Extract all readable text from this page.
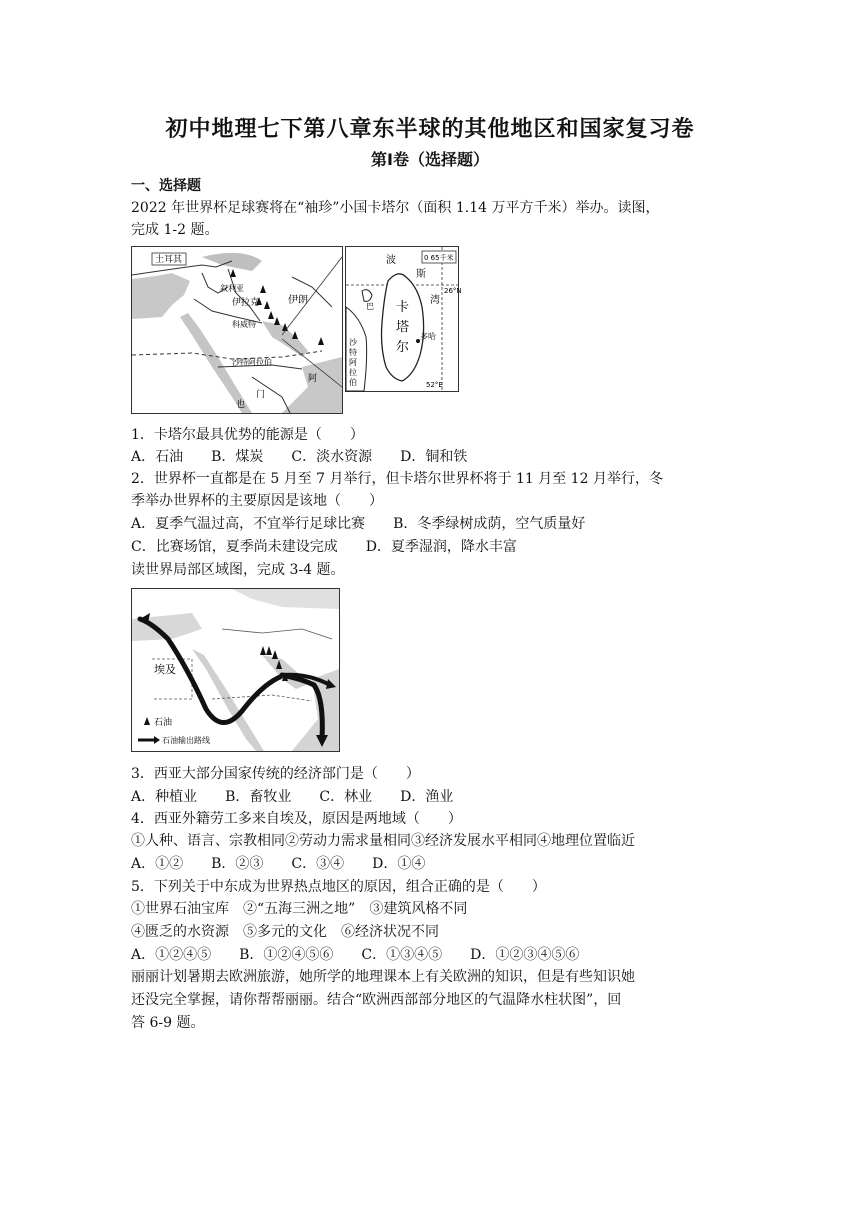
初中地理七下第八章东半球的其他地区和国家复习卷
第Ⅰ卷（选择题）
一、选择题
2022 年世界杯足球赛将在“袖珍”小国卡塔尔（面积 1.14 万平方千米）举办。读图，
完成 1-2 题。
土耳其
叙利亚
伊拉克	伊朗
科威特
沙特阿拉伯
阿
也
门
0 65千米
波
斯
湾
卡
塔
尔
多哈
26°N
52°E
巴
沙
特
阿
拉
伯
1．卡塔尔最具优势的能源是（　　）
A．石油　　B．煤炭　　C．淡水资源　　D．铜和铁
2．世界杯一直都是在 5 月至 7 月举行，但卡塔尔世界杯将于 11 月至 12 月举行，冬
季举办世界杯的主要原因是该地（　　）
A．夏季气温过高，不宜举行足球比赛　　B．冬季绿树成荫，空气质量好
C．比赛场馆，夏季尚未建设完成　　D．夏季湿润，降水丰富
读世界局部区域图，完成 3-4 题。
埃及
石油
石油输出路线
3．西亚大部分国家传统的经济部门是（　　）
A．种植业　　B．畜牧业　　C．林业　　D．渔业
4．西亚外籍劳工多来自埃及，原因是两地域（　　）
①人种、语言、宗教相同②劳动力需求量相同③经济发展水平相同④地理位置临近
A．①②　　B．②③　　C．③④　　D．①④
5．下列关于中东成为世界热点地区的原因，组合正确的是（　　）
①世界石油宝库　②“五海三洲之地”　③建筑风格不同
④匮乏的水资源　⑤多元的文化　⑥经济状况不同
A．①②④⑤　　B．①②④⑤⑥　　C．①③④⑤　　D．①②③④⑤⑥
丽丽计划暑期去欧洲旅游，她所学的地理课本上有关欧洲的知识，但是有些知识她
还没完全掌握，请你帮帮丽丽。结合“欧洲西部部分地区的气温降水柱状图”，回
答 6-9 题。
